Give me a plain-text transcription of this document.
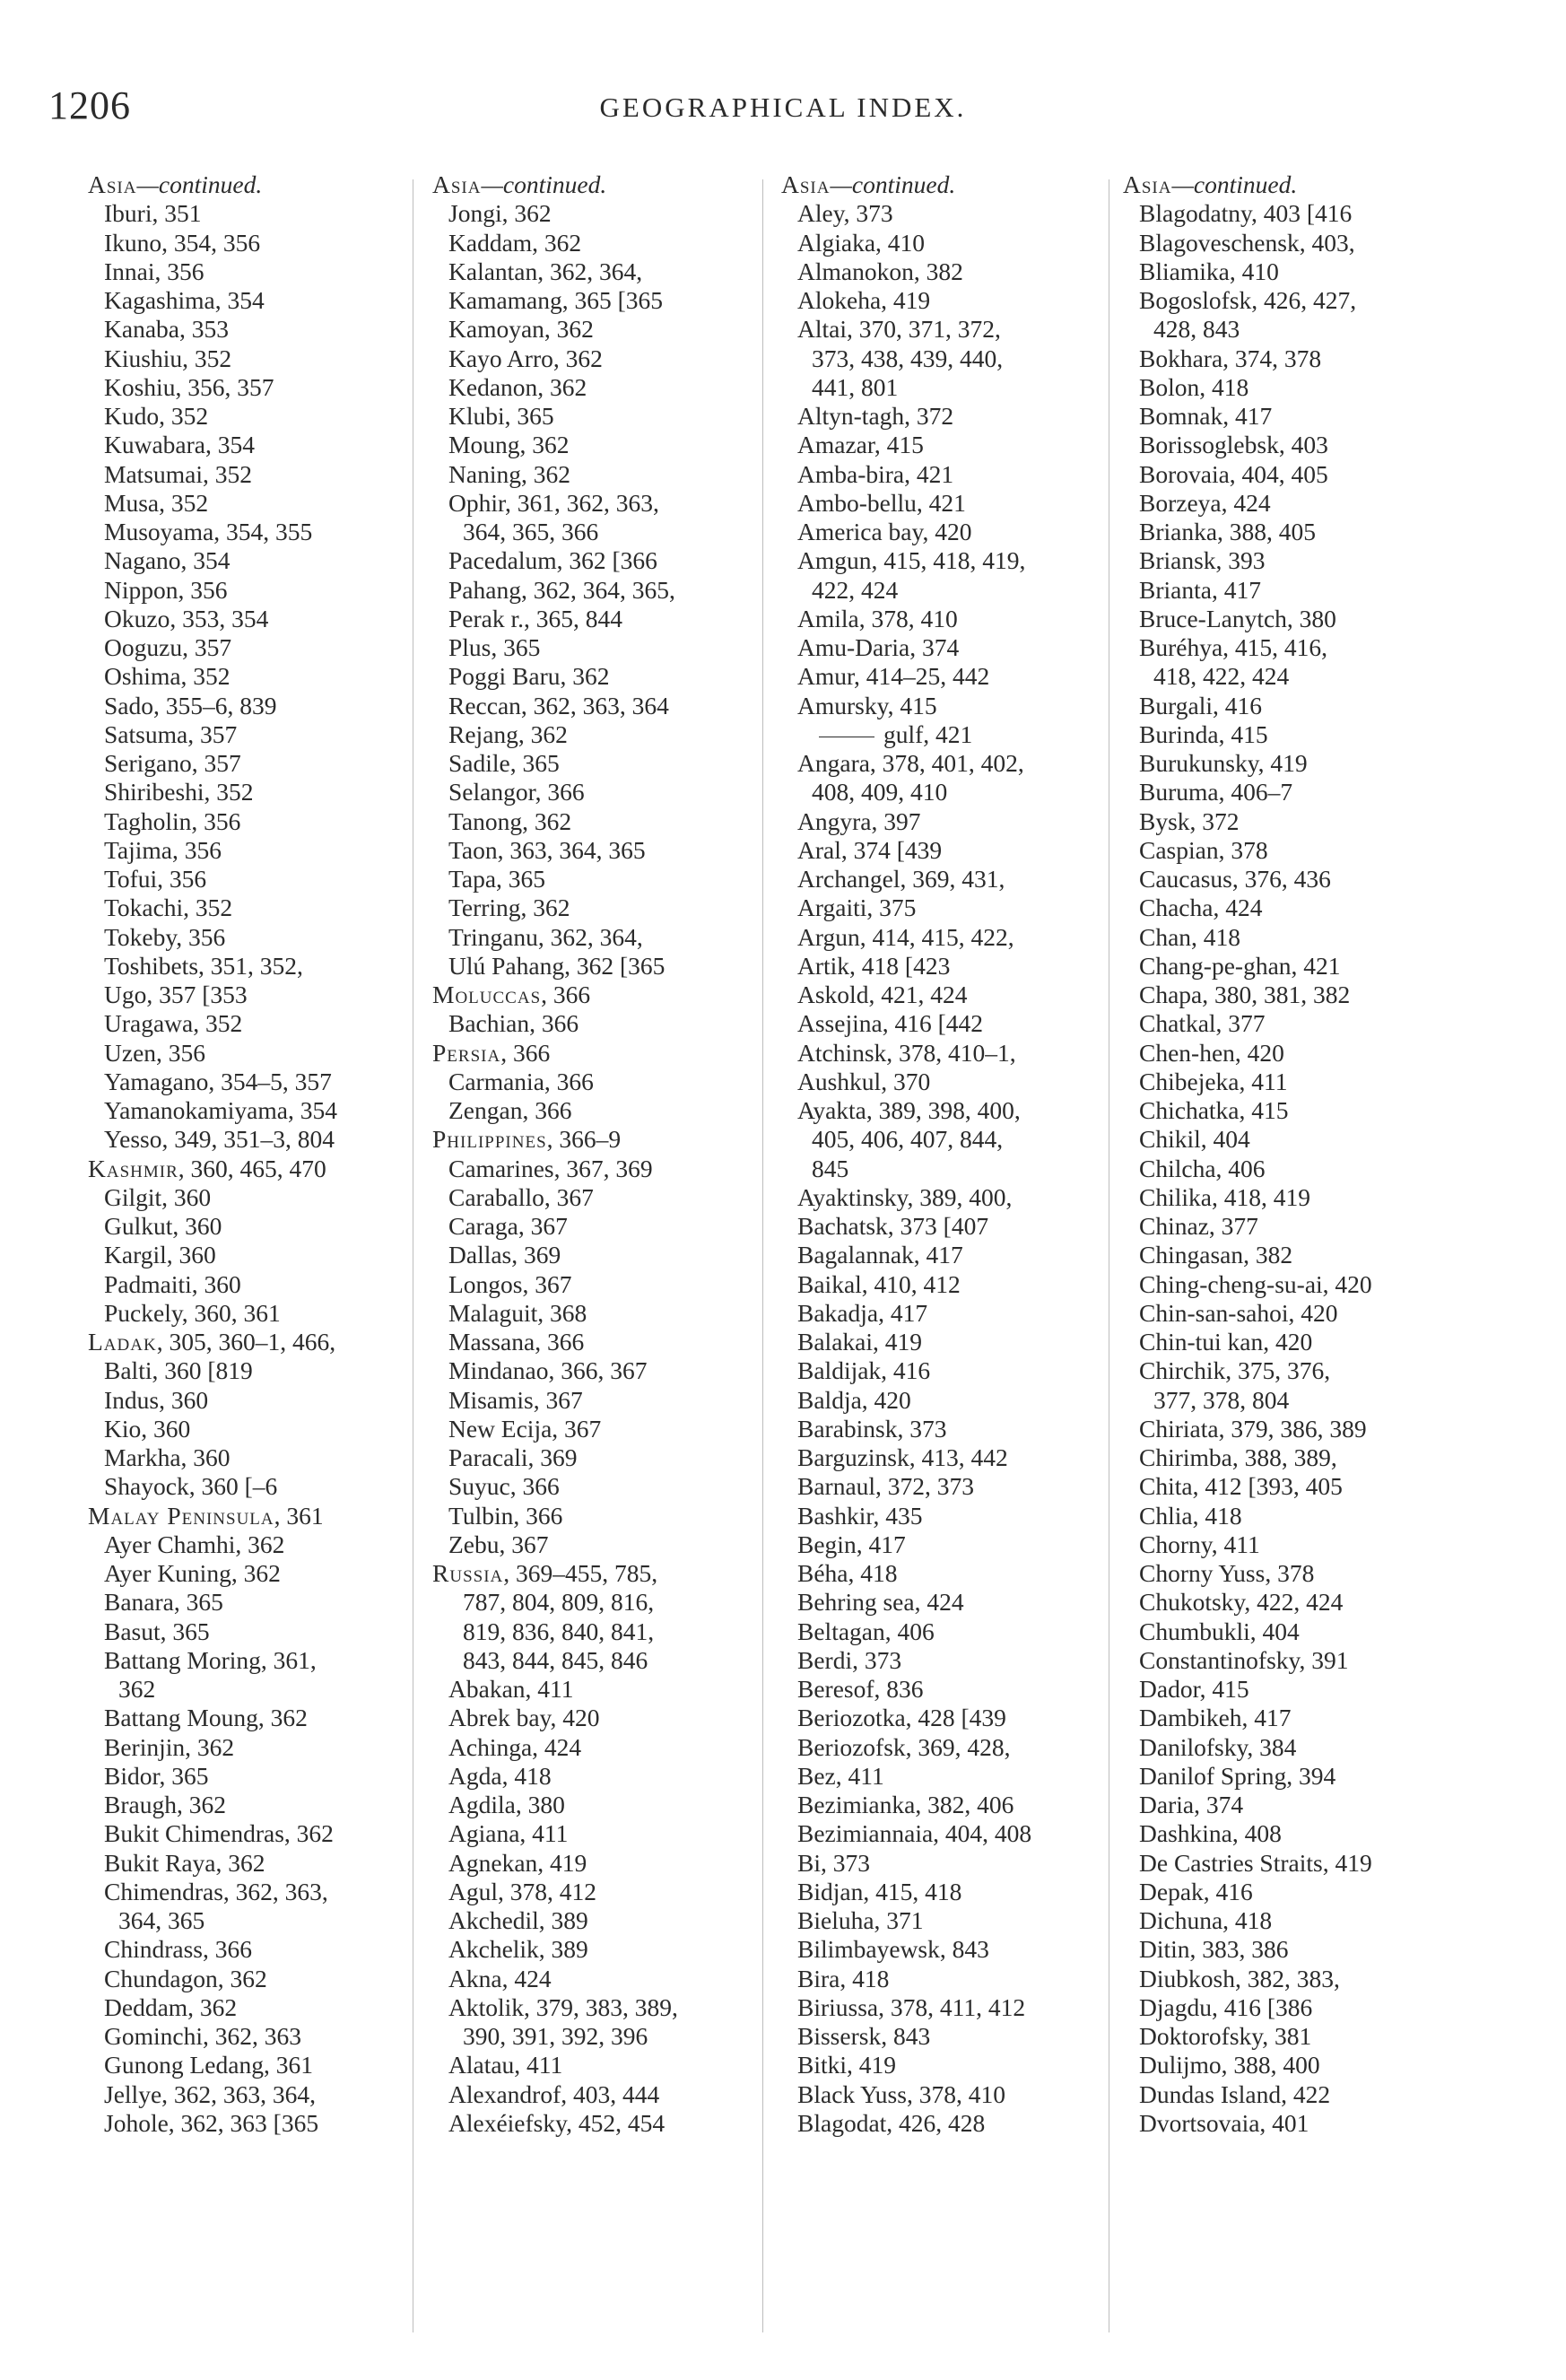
1206	GEOGRAPHICAL INDEX.
Asia—continued.
Iburi, 351
Ikuno, 354, 356
Innai, 356
Kagashima, 354
Kanaba, 353
Kiushiu, 352
Koshiu, 356, 357
Kudo, 352
Kuwabara, 354
Matsumai, 352
Musa, 352
Musoyama, 354, 355
Nagano, 354
Nippon, 356
Okuzo, 353, 354
Ooguzu, 357
Oshima, 352
Sado, 355–6, 839
Satsuma, 357
Serigano, 357
Shiribeshi, 352
Tagholin, 356
Tajima, 356
Tofui, 356
Tokachi, 352
Tokeby, 356
Toshibets, 351, 352,
Ugo, 357 [353
Uragawa, 352
Uzen, 356
Yamagano, 354–5, 357
Yamanokamiyama, 354
Yesso, 349, 351–3, 804
Kashmir, 360, 465, 470
Gilgit, 360
Gulkut, 360
Kargil, 360
Padmaiti, 360
Puckely, 360, 361
Ladak, 305, 360–1, 466,
Balti, 360 [819
Indus, 360
Kio, 360
Markha, 360
Shayock, 360 [–6
Malay Peninsula, 361
Ayer Chamhi, 362
Ayer Kuning, 362
Banara, 365
Basut, 365
Battang Moring, 361,
362
Battang Moung, 362
Berinjin, 362
Bidor, 365
Braugh, 362
Bukit Chimendras, 362
Bukit Raya, 362
Chimendras, 362, 363,
364, 365
Chindrass, 366
Chundagon, 362
Deddam, 362
Gominchi, 362, 363
Gunong Ledang, 361
Jellye, 362, 363, 364,
Johole, 362, 363 [365
Asia—continued.
Jongi, 362
Kaddam, 362
Kalantan, 362, 364,
Kamamang, 365 [365
Kamoyan, 362
Kayo Arro, 362
Kedanon, 362
Klubi, 365
Moung, 362
Naning, 362
Ophir, 361, 362, 363,
364, 365, 366
Pacedalum, 362 [366
Pahang, 362, 364, 365,
Perak r., 365, 844
Plus, 365
Poggi Baru, 362
Reccan, 362, 363, 364
Rejang, 362
Sadile, 365
Selangor, 366
Tanong, 362
Taon, 363, 364, 365
Tapa, 365
Terring, 362
Tringanu, 362, 364,
Ulú Pahang, 362 [365
Moluccas, 366
Bachian, 366
Persia, 366
Carmania, 366
Zengan, 366
Philippines, 366–9
Camarines, 367, 369
Caraballo, 367
Caraga, 367
Dallas, 369
Longos, 367
Malaguit, 368
Massana, 366
Mindanao, 366, 367
Misamis, 367
New Ecija, 367
Paracali, 369
Suyuc, 366
Tulbin, 366
Zebu, 367
Russia, 369–455, 785,
787, 804, 809, 816,
819, 836, 840, 841,
843, 844, 845, 846
Abakan, 411
Abrek bay, 420
Achinga, 424
Agda, 418
Agdila, 380
Agiana, 411
Agnekan, 419
Agul, 378, 412
Akchedil, 389
Akchelik, 389
Akna, 424
Aktolik, 379, 383, 389,
390, 391, 392, 396
Alatau, 411
Alexandrof, 403, 444
Alexéiefsky, 452, 454
Asia—continued.
Aley, 373
Algiaka, 410
Almanokon, 382
Alokeha, 419
Altai, 370, 371, 372,
373, 438, 439, 440,
441, 801
Altyn-tagh, 372
Amazar, 415
Amba-bira, 421
Ambo-bellu, 421
America bay, 420
Amgun, 415, 418, 419,
422, 424
Amila, 378, 410
Amu-Daria, 374
Amur, 414–25, 442
Amursky, 415
gulf, 421
Angara, 378, 401, 402,
408, 409, 410
Angyra, 397
Aral, 374 [439
Archangel, 369, 431,
Argaiti, 375
Argun, 414, 415, 422,
Artik, 418 [423
Askold, 421, 424
Assejina, 416 [442
Atchinsk, 378, 410–1,
Aushkul, 370
Ayakta, 389, 398, 400,
405, 406, 407, 844,
845
Ayaktinsky, 389, 400,
Bachatsk, 373 [407
Bagalannak, 417
Baikal, 410, 412
Bakadja, 417
Balakai, 419
Baldijak, 416
Baldja, 420
Barabinsk, 373
Barguzinsk, 413, 442
Barnaul, 372, 373
Bashkir, 435
Begin, 417
Béha, 418
Behring sea, 424
Beltagan, 406
Berdi, 373
Beresof, 836
Beriozotka, 428 [439
Beriozofsk, 369, 428,
Bez, 411
Bezimianka, 382, 406
Bezimiannaia, 404, 408
Bi, 373
Bidjan, 415, 418
Bieluha, 371
Bilimbayewsk, 843
Bira, 418
Biriussa, 378, 411, 412
Bissersk, 843
Bitki, 419
Black Yuss, 378, 410
Blagodat, 426, 428
Asia—continued.
Blagodatny, 403 [416
Blagoveschensk, 403,
Bliamika, 410
Bogoslofsk, 426, 427,
428, 843
Bokhara, 374, 378
Bolon, 418
Bomnak, 417
Borissoglebsk, 403
Borovaia, 404, 405
Borzeya, 424
Brianka, 388, 405
Briansk, 393
Brianta, 417
Bruce-Lanytch, 380
Buréhya, 415, 416,
418, 422, 424
Burgali, 416
Burinda, 415
Burukunsky, 419
Buruma, 406–7
Bysk, 372
Caspian, 378
Caucasus, 376, 436
Chacha, 424
Chan, 418
Chang-pe-ghan, 421
Chapa, 380, 381, 382
Chatkal, 377
Chen-hen, 420
Chibejeka, 411
Chichatka, 415
Chikil, 404
Chilcha, 406
Chilika, 418, 419
Chinaz, 377
Chingasan, 382
Ching-cheng-su-ai, 420
Chin-san-sahoi, 420
Chin-tui kan, 420
Chirchik, 375, 376,
377, 378, 804
Chiriata, 379, 386, 389
Chirimba, 388, 389,
Chita, 412 [393, 405
Chlia, 418
Chorny, 411
Chorny Yuss, 378
Chukotsky, 422, 424
Chumbukli, 404
Constantinofsky, 391
Dador, 415
Dambikeh, 417
Danilofsky, 384
Danilof Spring, 394
Daria, 374
Dashkina, 408
De Castries Straits, 419
Depak, 416
Dichuna, 418
Ditin, 383, 386
Diubkosh, 382, 383,
Djagdu, 416 [386
Doktorofsky, 381
Dulijmo, 388, 400
Dundas Island, 422
Dvortsovaia, 401
